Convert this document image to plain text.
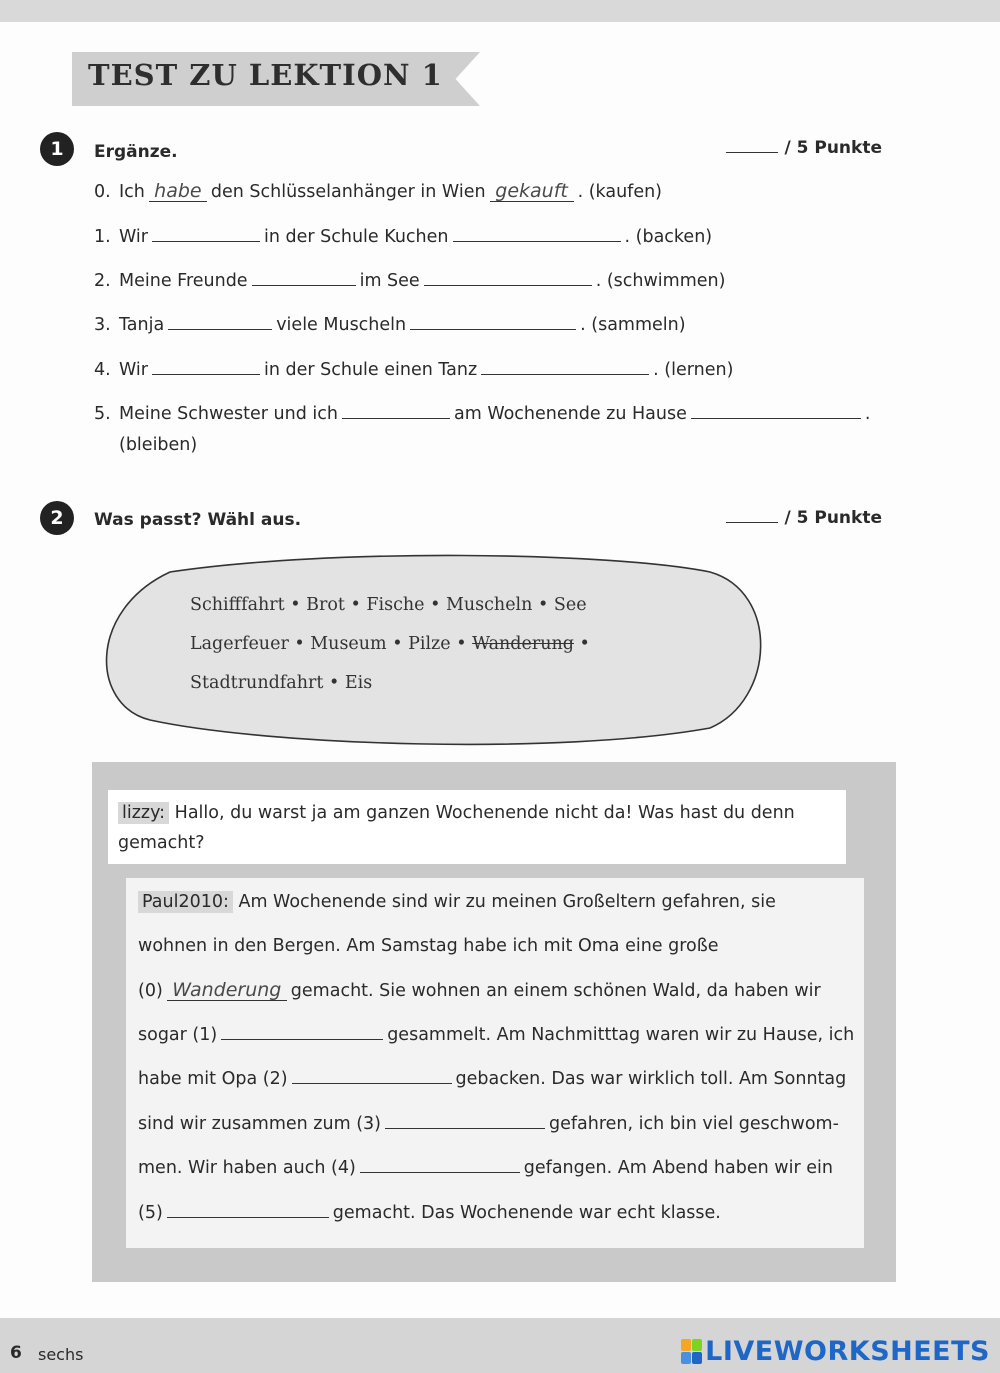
TEST ZU LEKTION 1
1	Ergänze.	/ 5 Punkte
0. Ich habe den Schlüsselanhänger in Wien gekauft . (kaufen)
1. Wir	in der Schule Kuchen	. (backen)
2. Meine Freunde	im See	. (schwimmen)
3. Tanja	viele Muscheln	. (sammeln)
4. Wir	in der Schule einen Tanz	. (lernen)
5. Meine Schwester und ich	am Wochenende zu Hause	.
(bleiben)
2	Was passt? Wähl aus.	/ 5 Punkte
Schifffahrt • Brot • Fische • Muscheln • See
Lagerfeuer • Museum • Pilze • Wanderung •
Stadtrundfahrt • Eis
lizzy: Hallo, du warst ja am ganzen Wochenende nicht da! Was hast du denn
gemacht?
Paul2010: Am Wochenende sind wir zu meinen Großeltern gefahren, sie
wohnen in den Bergen. Am Samstag habe ich mit Oma eine große
(0) Wanderung gemacht. Sie wohnen an einem schönen Wald, da haben wir
sogar (1)	gesammelt. Am Nachmitttag waren wir zu Hause, ich
habe mit Opa (2)	gebacken. Das war wirklich toll. Am Sonntag
sind wir zusammen zum (3)	gefahren, ich bin viel geschwom-
men. Wir haben auch (4)	gefangen. Am Abend haben wir ein
(5)	gemacht. Das Wochenende war echt klasse.
6 sechs	LIVEWORKSHEETS
